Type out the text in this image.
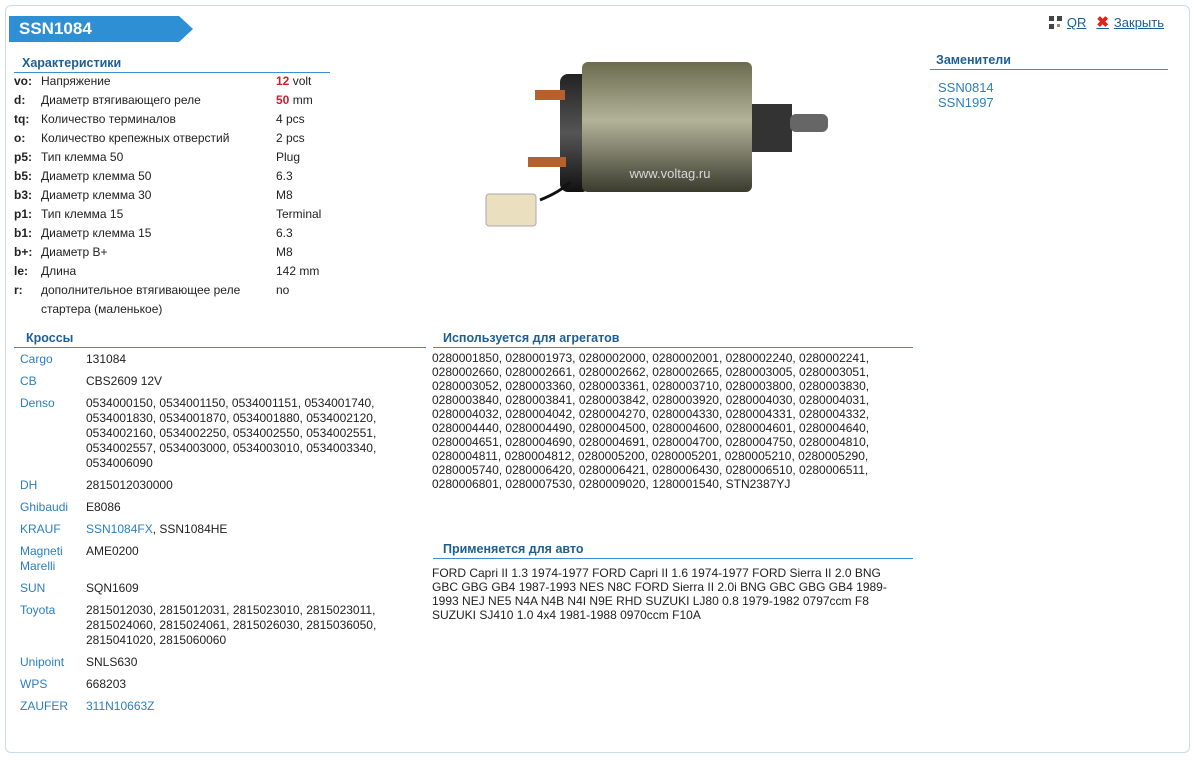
SSN1084	QR ✖ Закрыть
Характеристики
vo:	Напряжение	12 volt
d:	Диаметр втягивающего реле	50 mm
tq:	Количество терминалов	4 pcs
o:	Количество крепежных отверстий	2 pcs
p5:	Тип клемма 50	Plug
b5:	Диаметр клемма 50	6.3
b3:	Диаметр клемма 30	M8
p1:	Тип клемма 15	Terminal
b1:	Диаметр клемма 15	6.3
b+:	Диаметр B+	M8
le:	Длина	142 mm
r:	дополнительное втягивающее реле стартера (маленькое)	no
www.voltag.ru
Заменители
SSN0814
SSN1997
Кроссы
Cargo	131084

CB	CBS2609 12V

Denso	0534000150, 0534001150, 0534001151, 0534001740, 0534001830, 0534001870, 0534001880, 0534002120, 0534002160, 0534002250, 0534002550, 0534002551, 0534002557, 0534003000, 0534003010, 0534003340, 0534006090

DH	2815012030000

Ghibaudi	E8086

KRAUF	SSN1084FX, SSN1084HE

Magneti Marelli	AME0200

SUN	SQN1609

Toyota	2815012030, 2815012031, 2815023010, 2815023011, 2815024060, 2815024061, 2815026030, 2815036050, 2815041020, 2815060060

Unipoint	SNLS630

WPS	668203

ZAUFER	311N10663Z
Используется для агрегатов
0280001850, 0280001973, 0280002000, 0280002001, 0280002240, 0280002241, 0280002660, 0280002661, 0280002662, 0280002665, 0280003005, 0280003051, 0280003052, 0280003360, 0280003361, 0280003710, 0280003800, 0280003830, 0280003840, 0280003841, 0280003842, 0280003920, 0280004030, 0280004031, 0280004032, 0280004042, 0280004270, 0280004330, 0280004331, 0280004332, 0280004440, 0280004490, 0280004500, 0280004600, 0280004601, 0280004640, 0280004651, 0280004690, 0280004691, 0280004700, 0280004750, 0280004810, 0280004811, 0280004812, 0280005200, 0280005201, 0280005210, 0280005290, 0280005740, 0280006420, 0280006421, 0280006430, 0280006510, 0280006511, 0280006801, 0280007530, 0280009020, 1280001540, STN2387YJ
Применяется для авто
FORD Capri II 1.3 1974-1977 FORD Capri II 1.6 1974-1977 FORD Sierra II 2.0 BNG GBC GBG GB4 1987-1993 NES N8C FORD Sierra II 2.0i BNG GBC GBG GB4 1989-1993 NEJ NE5 N4A N4B N4I N9E RHD SUZUKI LJ80 0.8 1979-1982 0797ccm F8 SUZUKI SJ410 1.0 4x4 1981-1988 0970ccm F10A
